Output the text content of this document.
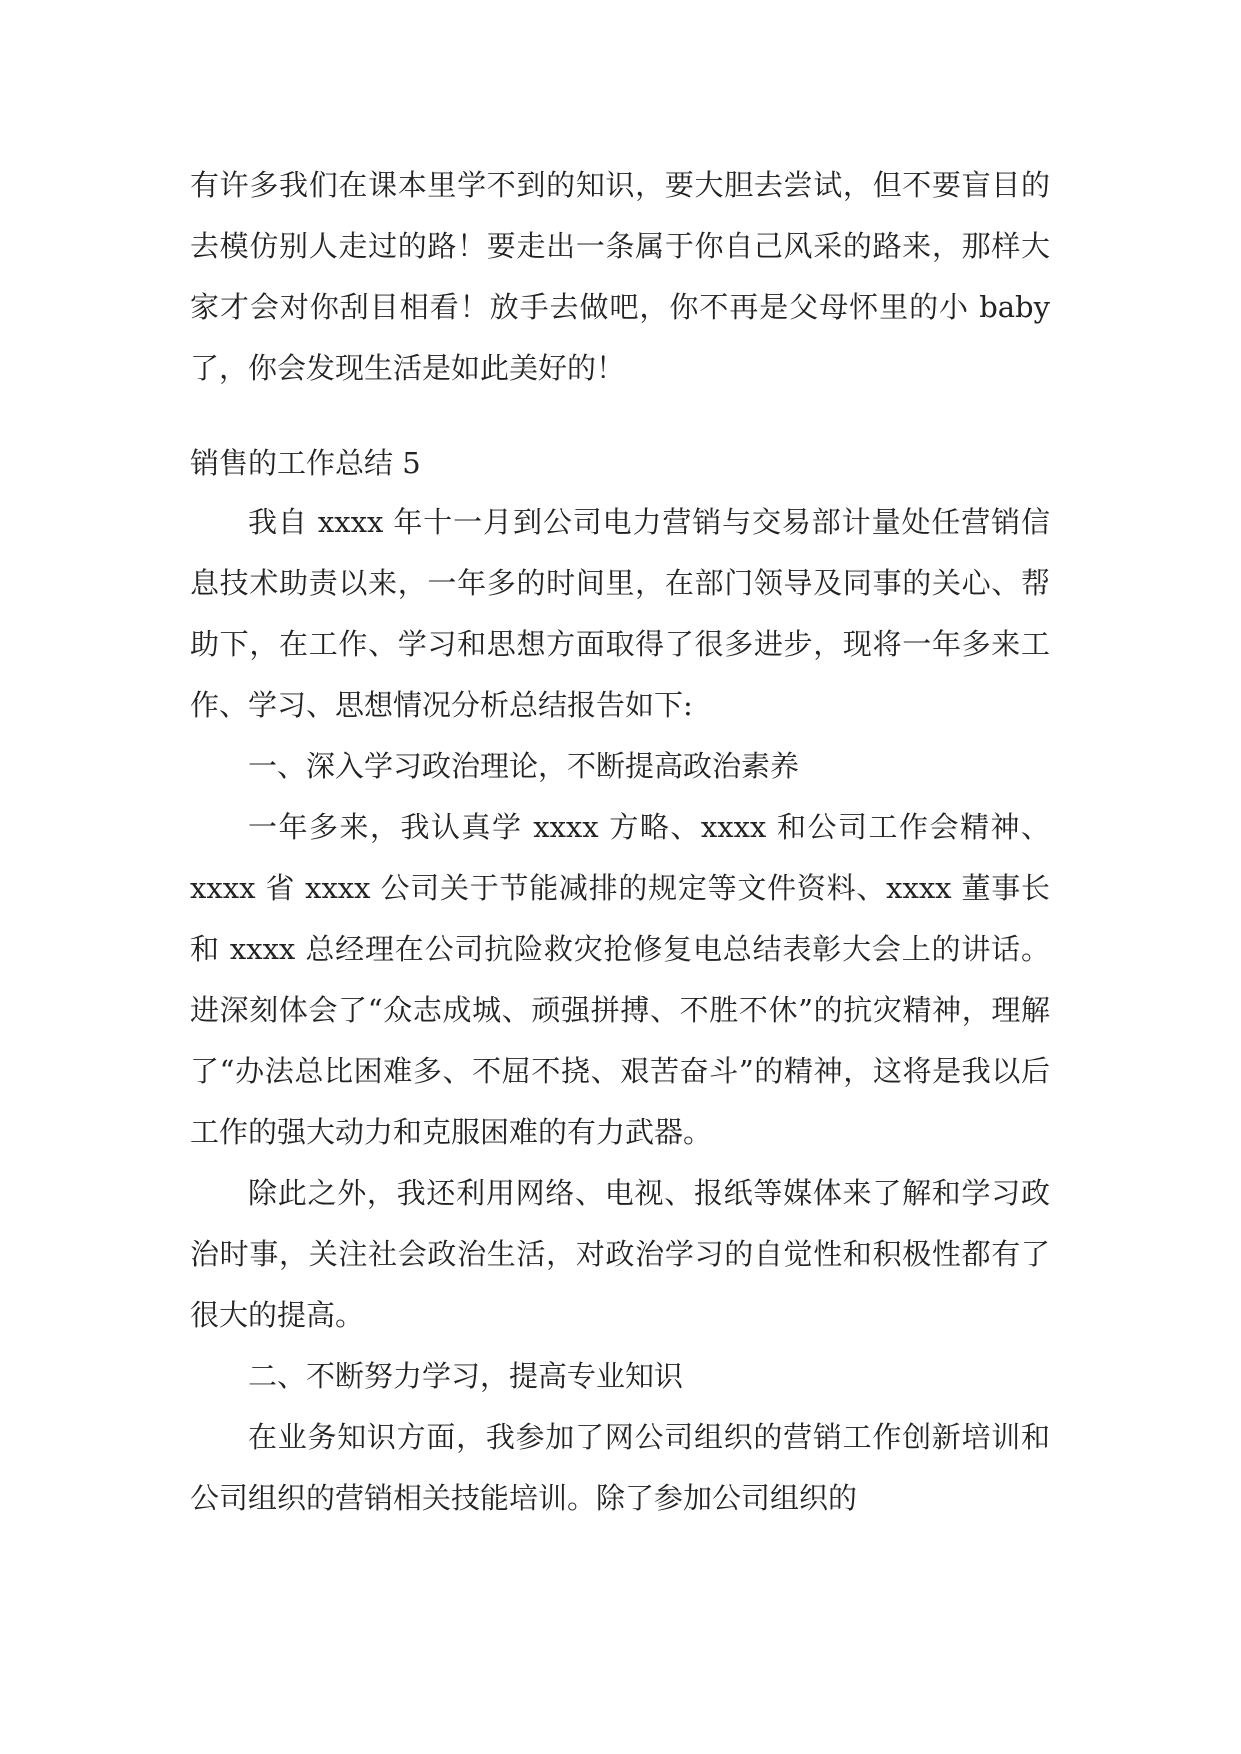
有许多我们在课本里学不到的知识，要大胆去尝试，但不要盲目的去模仿别人走过的路！要走出一条属于你自己风采的路来，那样大家才会对你刮目相看！放手去做吧，你不再是父母怀里的小 baby 了，你会发现生活是如此美好的！

销售的工作总结 5

我自 xxxx 年十一月到公司电力营销与交易部计量处任营销信息技术助责以来，一年多的时间里，在部门领导及同事的关心、帮助下，在工作、学习和思想方面取得了很多进步，现将一年多来工作、学习、思想情况分析总结报告如下:

一、深入学习政治理论，不断提高政治素养

一年多来，我认真学 xxxx 方略、xxxx 和公司工作会精神、xxxx 省 xxxx 公司关于节能减排的规定等文件资料、xxxx 董事长和 xxxx 总经理在公司抗险救灾抢修复电总结表彰大会上的讲话。进深刻体会了“众志成城、顽强拼搏、不胜不休”的抗灾精神，理解了“办法总比困难多、不屈不挠、艰苦奋斗”的精神，这将是我以后工作的强大动力和克服困难的有力武器。

除此之外，我还利用网络、电视、报纸等媒体来了解和学习政治时事，关注社会政治生活，对政治学习的自觉性和积极性都有了很大的提高。

二、不断努力学习，提高专业知识

在业务知识方面，我参加了网公司组织的营销工作创新培训和公司组织的营销相关技能培训。除了参加公司组织的
